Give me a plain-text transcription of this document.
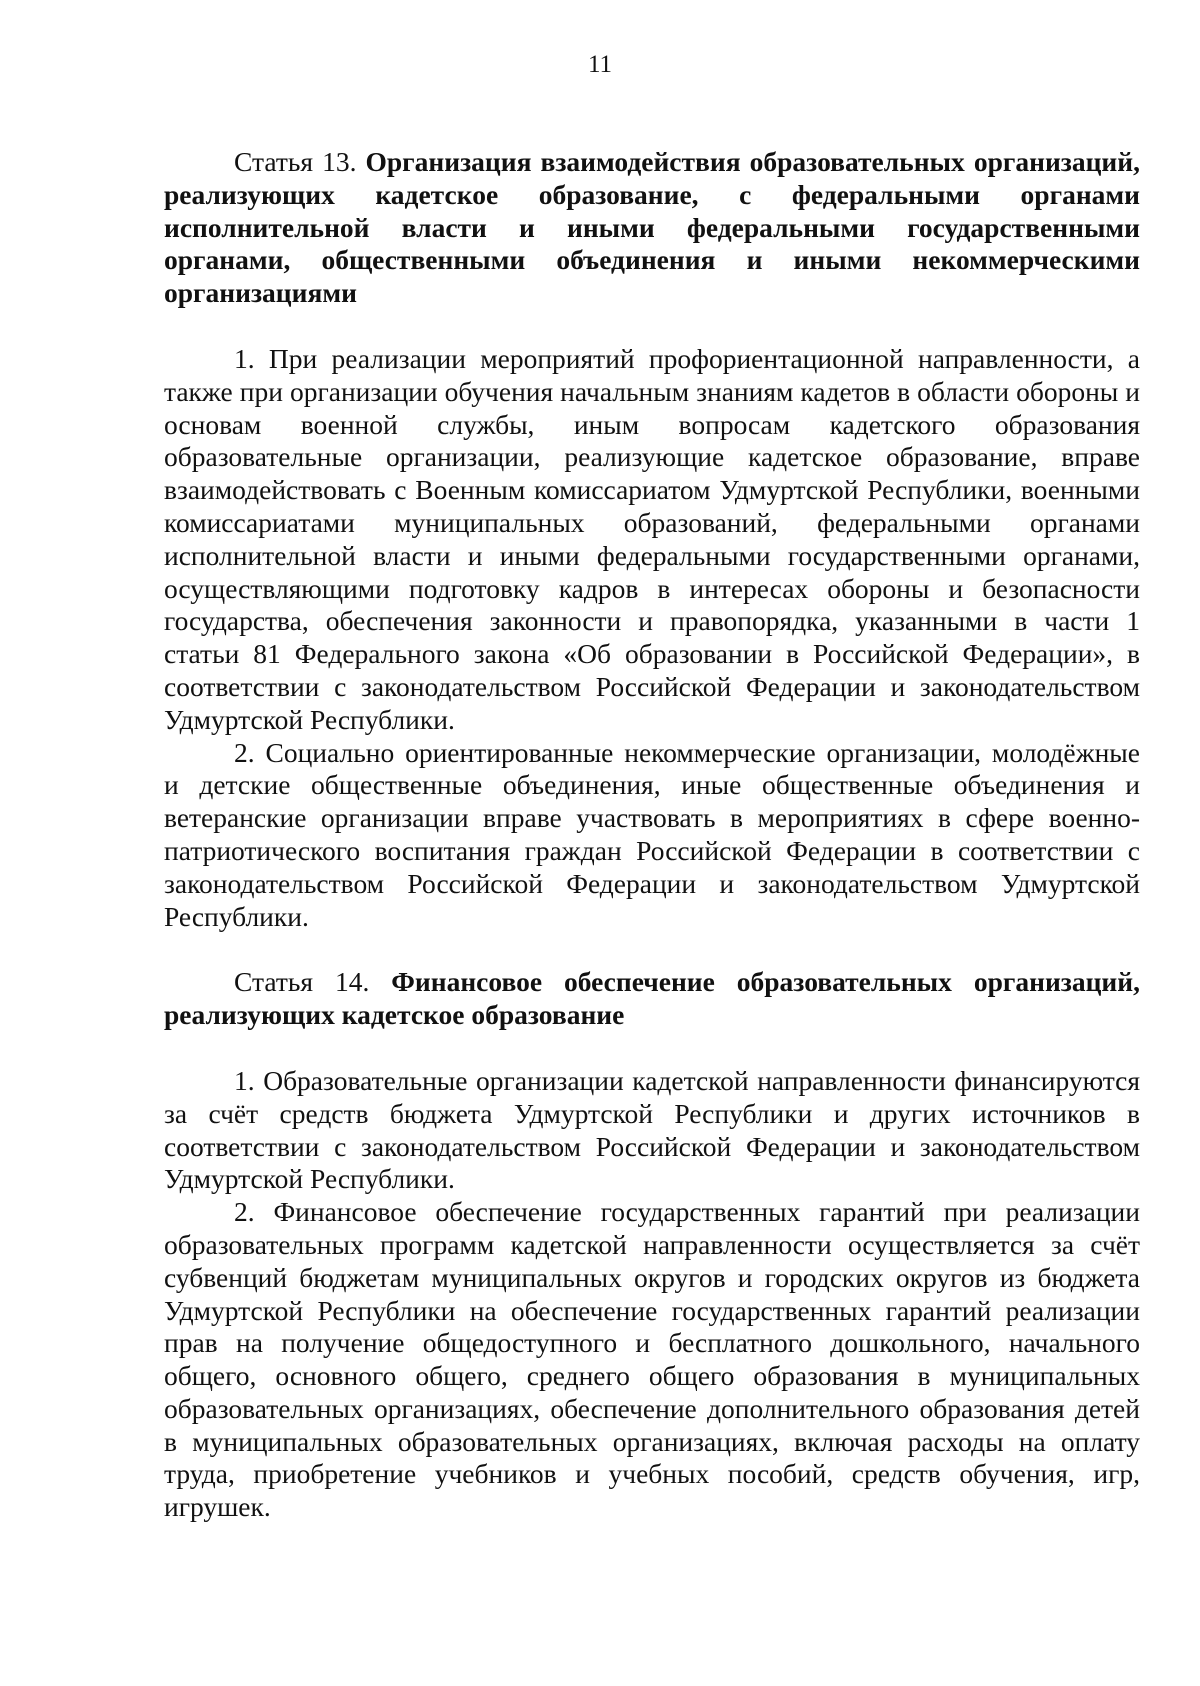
11
Статья 13. Организация взаимодействия образовательных организаций, реализующих кадетское образование, с федеральными органами исполнительной власти и иными федеральными государственными органами, общественными объединения и иными некоммерческими организациями

1. При реализации мероприятий профориентационной направленности, а также при организации обучения начальным знаниям кадетов в области обороны и основам военной службы, иным вопросам кадетского образования образовательные организации, реализующие кадетское образование, вправе взаимодействовать с Военным комиссариатом Удмуртской Республики, военными комиссариатами муниципальных образований, федеральными органами исполнительной власти и иными федеральными государственными органами, осуществляющими подготовку кадров в интересах обороны и безопасности государства, обеспечения законности и правопорядка, указанными в части 1 статьи 81 Федерального закона «Об образовании в Российской Федерации», в соответствии с законодательством Российской Федерации и законодательством Удмуртской Республики.

2. Социально ориентированные некоммерческие организации, молодёжные и детские общественные объединения, иные общественные объединения и ветеранские организации вправе участвовать в мероприятиях в сфере военно-патриотического воспитания граждан Российской Федерации в соответствии с законодательством Российской Федерации и законодательством Удмуртской Республики.

Статья 14. Финансовое обеспечение образовательных организаций, реализующих кадетское образование

1. Образовательные организации кадетской направленности финансируются за счёт средств бюджета Удмуртской Республики и других источников в соответствии с законодательством Российской Федерации и законодательством Удмуртской Республики.

2. Финансовое обеспечение государственных гарантий при реализации образовательных программ кадетской направленности осуществляется за счёт субвенций бюджетам муниципальных округов и городских округов из бюджета Удмуртской Республики на обеспечение государственных гарантий реализации прав на получение общедоступного и бесплатного дошкольного, начального общего, основного общего, среднего общего образования в муниципальных образовательных организациях, обеспечение дополнительного образования детей в муниципальных образовательных организациях, включая расходы на оплату труда, приобретение учебников и учебных пособий, средств обучения, игр, игрушек.
